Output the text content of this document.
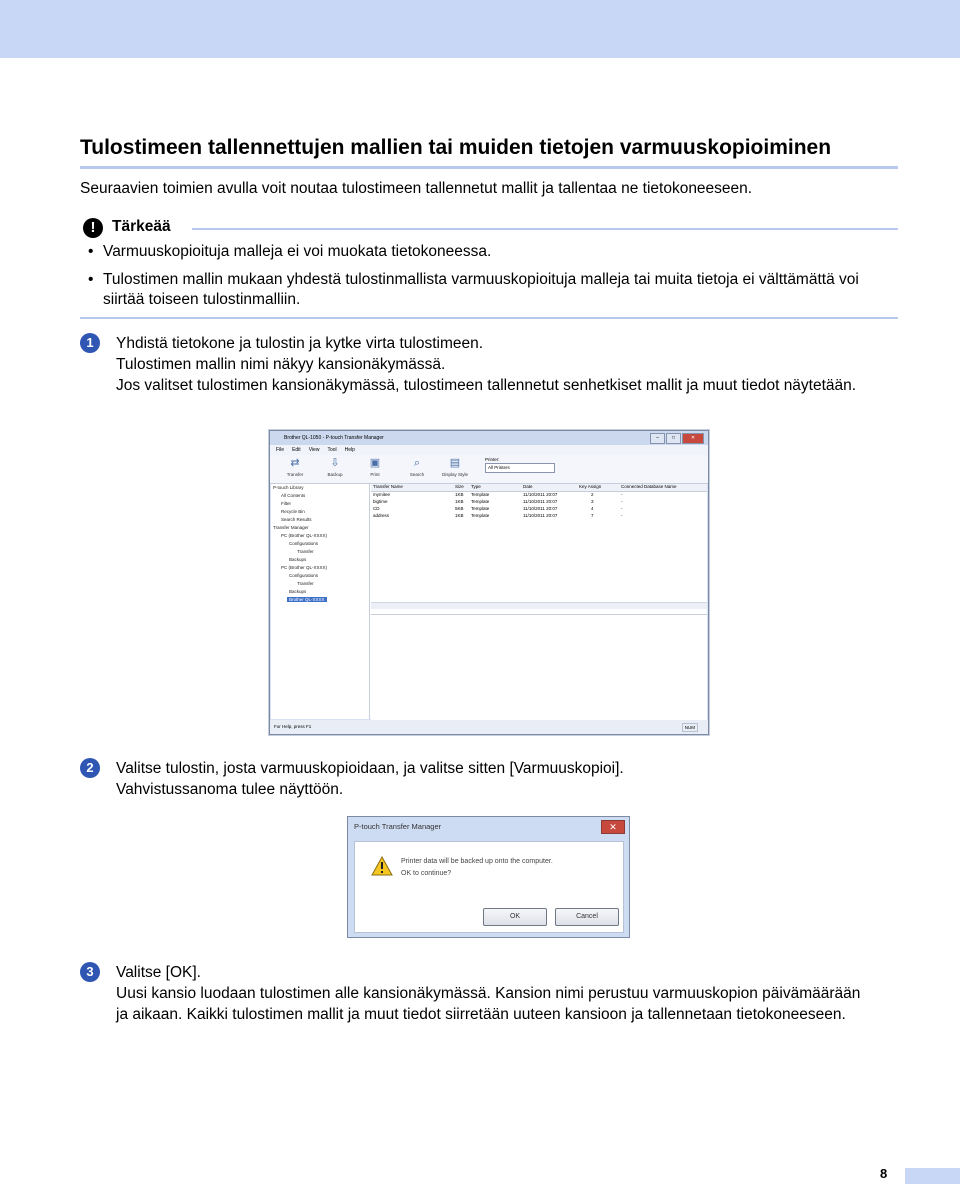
Tulostimeen tallennettujen mallien tai muiden tietojen varmuuskopioiminen
Seuraavien toimien avulla voit noutaa tulostimeen tallennetut mallit ja tallentaa ne tietokoneeseen.
!	Tärkeää
• Varmuuskopioituja malleja ei voi muokata tietokoneessa.
• Tulostimen mallin mukaan yhdestä tulostinmallista varmuuskopioituja malleja tai muita tietoja ei välttämättä voi siirtää toiseen tulostinmalliin.
1	Yhdistä tietokone ja tulostin ja kytke virta tulostimeen.

Tulostimen mallin nimi näkyy kansionäkymässä.

Jos valitset tulostimen kansionäkymässä, tulostimeen tallennetut senhetkiset mallit ja muut tiedot näytetään.

Brother QL-1050 - P-touch Transfer Manager	–	□	✕
File Edit View Tool Help
⇄
Transfer
⇩
Backup
▣
Print
⌕
Search
▤
Display Style
Printer:
All Printers
P-touch Library
All Contents
Filter
Recycle Bin
Search Results
Transfer Manager
PC (Brother QL-XXXX)
Configurations
Transfer
Backups
PC (Brother QL-XXXX)
Configurations
Transfer
Backups
Brother QL-XXXX
Transfer Name	Size Type	Date	Key Assign	Connected Database Name
mymitee	1KB Template	11/10/2011 20:07	2	-
bigtime	1KB Template	11/10/2011 20:07	3	-
CD	5KB Template	11/10/2011 20:07	4	-
address	1KB Template	11/10/2011 20:07	7	-
For Help, press F1	NUM
2	Valitse tulostin, josta varmuuskopioidaan, ja valitse sitten [Varmuuskopioi].

Vahvistussanoma tulee näyttöön.

P-touch Transfer Manager	✕
Printer data will be backed up onto the computer.
OK to continue?
OK	Cancel
3	Valitse [OK].

Uusi kansio luodaan tulostimen alle kansionäkymässä. Kansion nimi perustuu varmuuskopion päivämäärään ja aikaan. Kaikki tulostimen mallit ja muut tiedot siirretään uuteen kansioon ja tallennetaan tietokoneeseen.

8
